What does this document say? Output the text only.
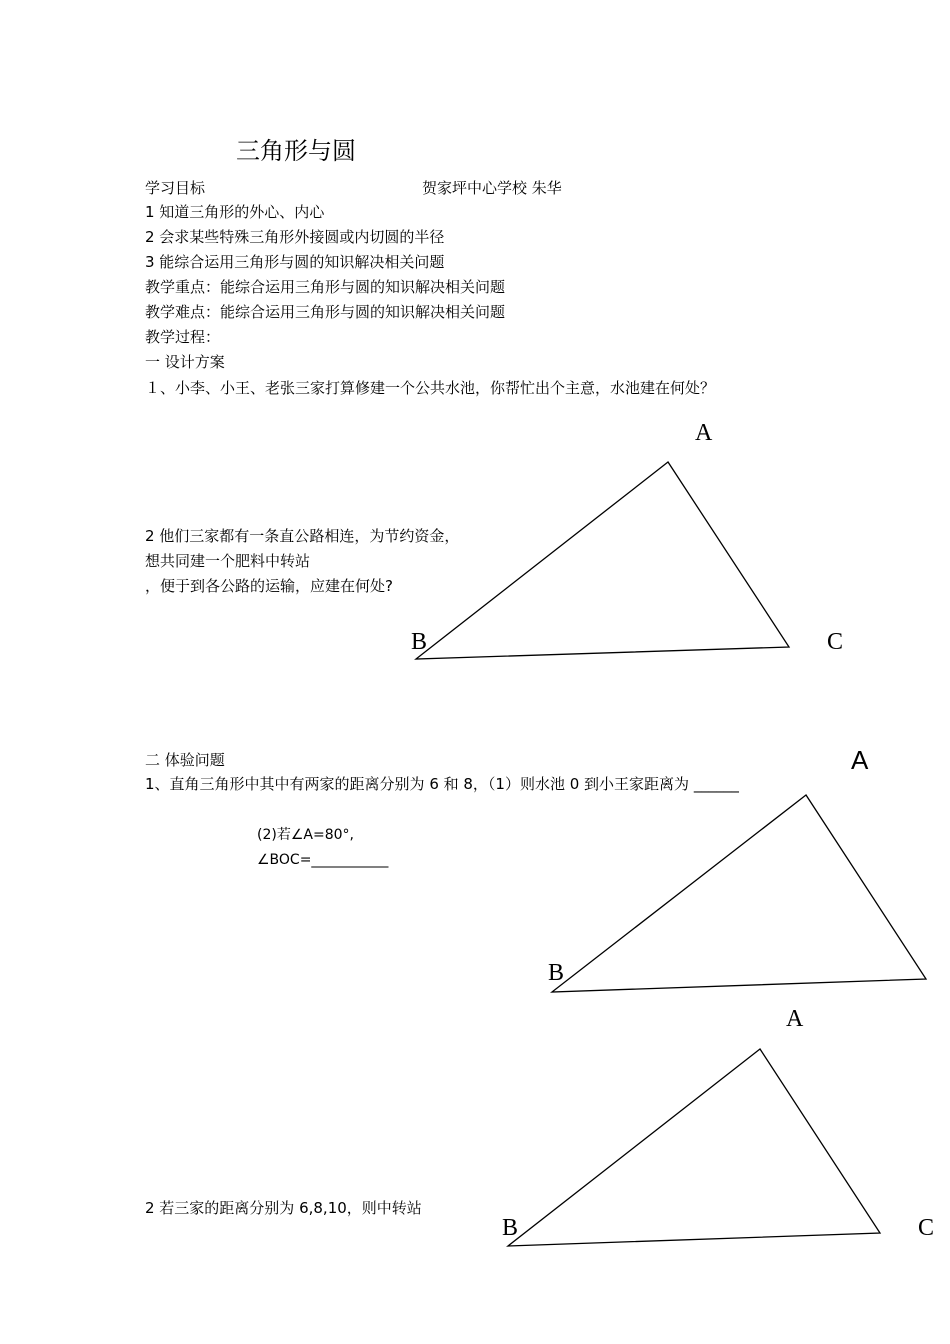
三角形与圆
学习目标	贺家坪中心学校 朱华
1 知道三角形的外心、内心
2 会求某些特殊三角形外接圆或内切圆的半径
3 能综合运用三角形与圆的知识解决相关问题
教学重点：能综合运用三角形与圆的知识解决相关问题
教学难点：能综合运用三角形与圆的知识解决相关问题
教学过程：
一 设计方案
１、小李、小王、老张三家打算修建一个公共水池，你帮忙出个主意，水池建在何处？
2 他们三家都有一条直公路相连，为节约资金，
想共同建一个肥料中转站
，便于到各公路的运输，应建在何处?
二 体验问题
1、直角三角形中其中有两家的距离分别为 6 和 8，（1）则水池 0 到小王家距离为 ______
(2)若∠A=80°,
∠BOC=___________
2 若三家的距离分别为 6,8,10，则中转站
A
B	C
A
B
A
B	C
